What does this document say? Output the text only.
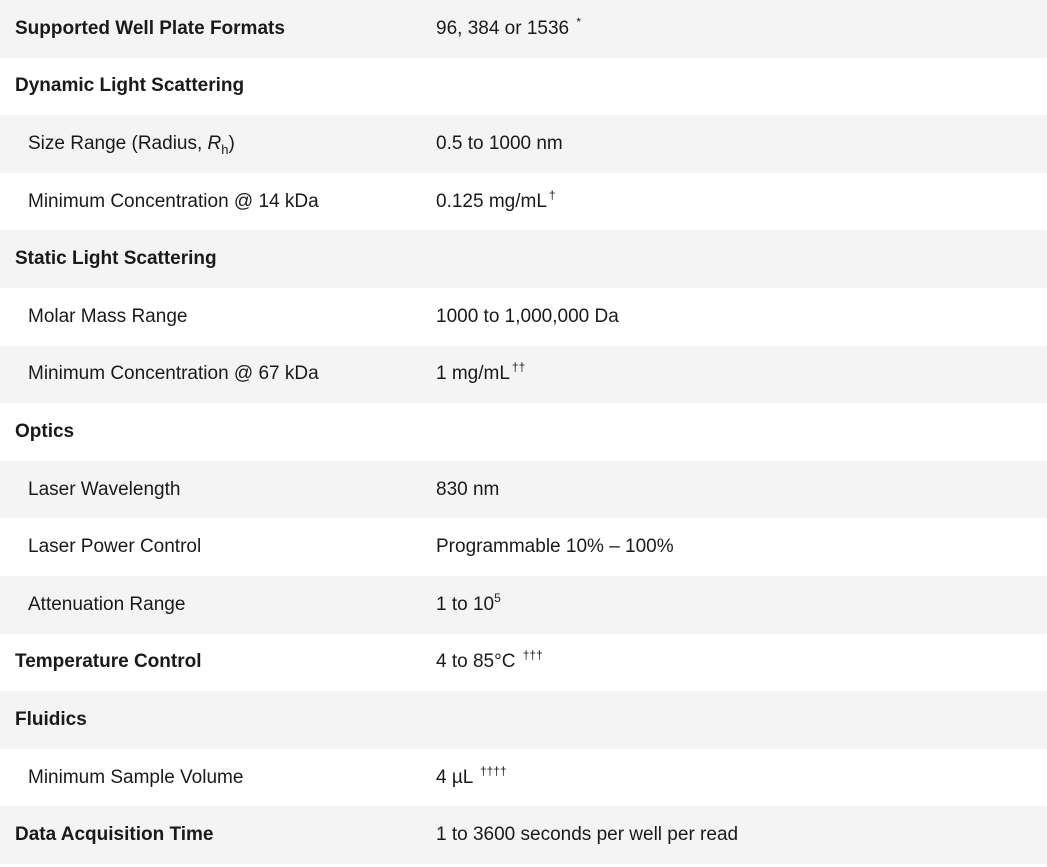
Supported Well Plate Formats	96, 384 or 1536 *
Dynamic Light Scattering	
Size Range (Radius, $R_h$)	0.5 to 1000 nm
Minimum Concentration @ 14 kDa	0.125 mg/mL †
Static Light Scattering	
Molar Mass Range	1000 to 1,000,000 Da
Minimum Concentration @ 67 kDa	1 mg/mL ††
Optics	
Laser Wavelength	830 nm
Laser Power Control	Programmable 10% – 100%
Attenuation Range	1 to $10^5$
Temperature Control	4 to 85°C †††
Fluidics	
Minimum Sample Volume	4 µL ††††
Data Acquisition Time	1 to 3600 seconds per well per read
